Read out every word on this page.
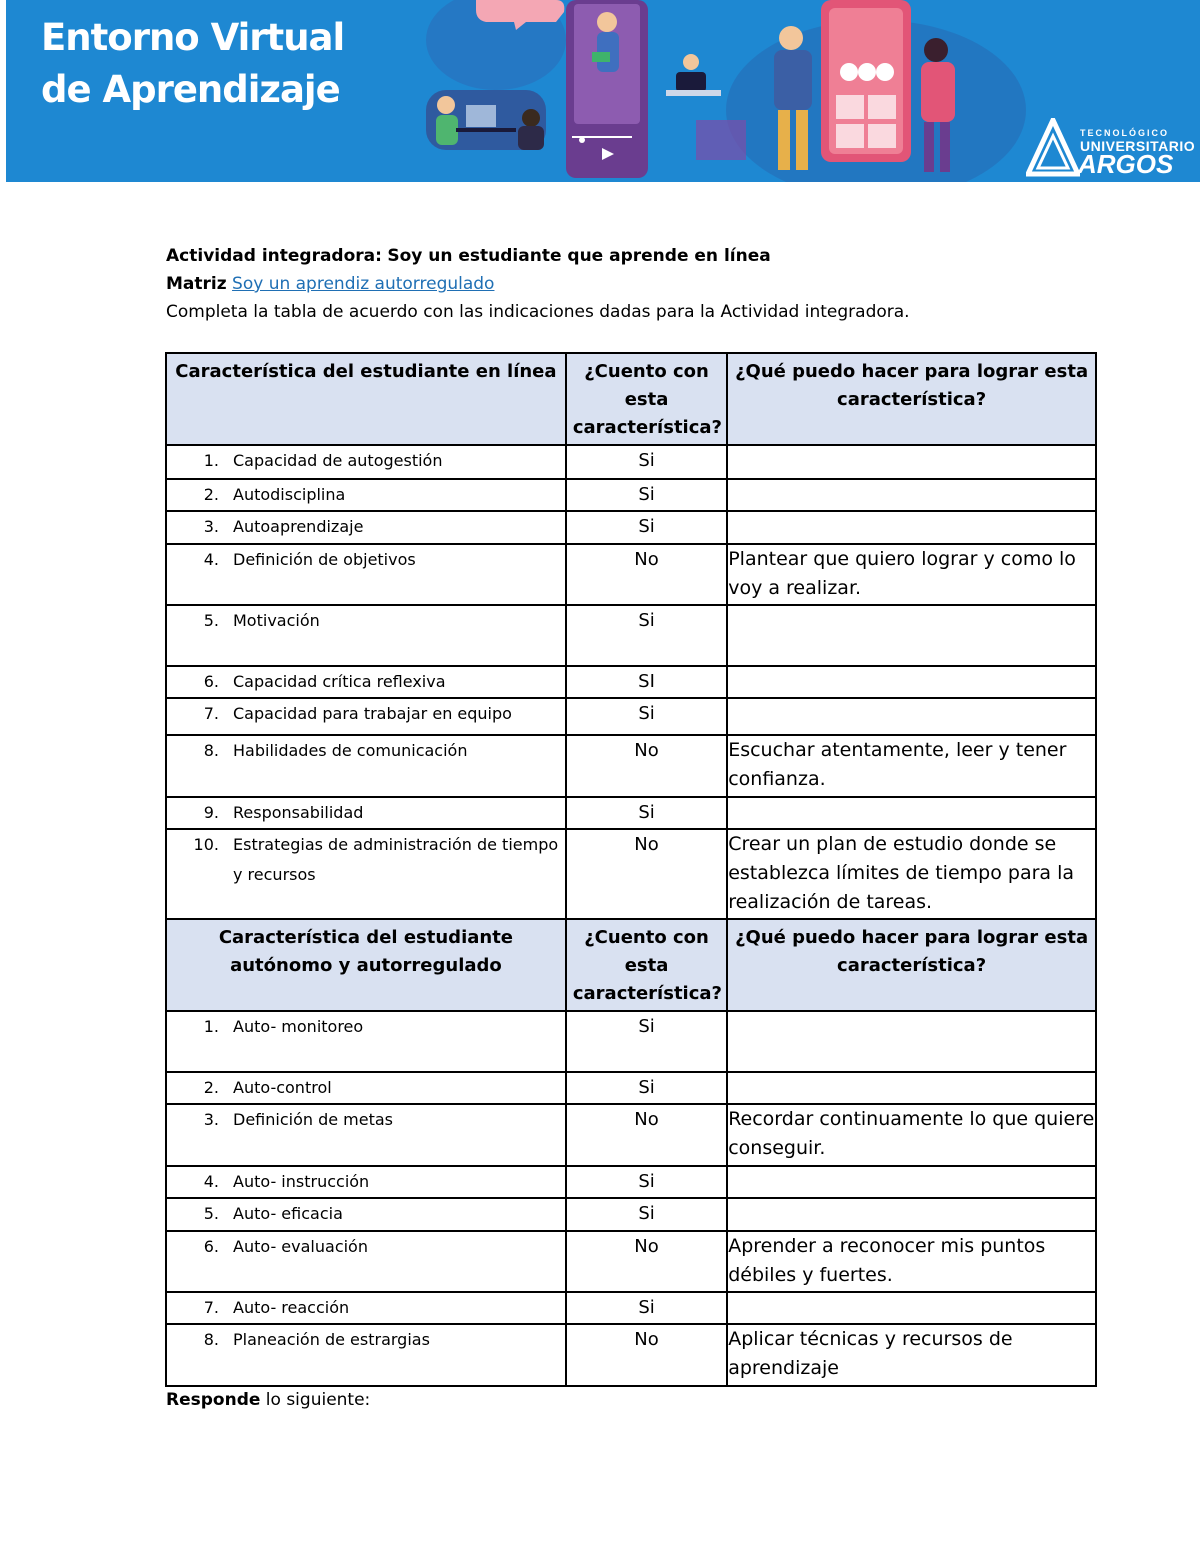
Entorno Virtual
de Aprendizaje
TECNOLÓGICO
UNIVERSITARIO
ARGOS
Actividad integradora: Soy un estudiante que aprende en línea
Matriz Soy un aprendiz autorregulado
Completa la tabla de acuerdo con las indicaciones dadas para la Actividad integradora.
Característica del estudiante en línea	¿Cuento con esta característica?	¿Qué puedo hacer para lograr esta característica?

1. Capacidad de autogestión	Si	

2. Autodisciplina	Si	

3. Autoaprendizaje	Si	

4. Definición de objetivos	No	Plantear que quiero lograr y como lo voy a realizar.

5. Motivación	Si	

6. Capacidad crítica reflexiva	SI	

7. Capacidad para trabajar en equipo	Si	

8. Habilidades de comunicación	No	Escuchar atentamente, leer y tener confianza.

9. Responsabilidad	Si	

10. Estrategias de administración de tiempo y recursos	No	Crear un plan de estudio donde se establezca límites de tiempo para la realización de tareas.

Característica del estudiante autónomo y autorregulado	¿Cuento con esta característica?	¿Qué puedo hacer para lograr esta característica?

1. Auto- monitoreo	Si	

2. Auto-control	Si	

3. Definición de metas	No	Recordar continuamente lo que quiere conseguir.

4. Auto- instrucción	Si	

5. Auto- eficacia	Si	

6. Auto- evaluación	No	Aprender a reconocer mis puntos débiles y fuertes.

7. Auto- reacción	Si	

8. Planeación de estrargias	No	Aplicar técnicas y recursos de aprendizaje
Responde lo siguiente:
